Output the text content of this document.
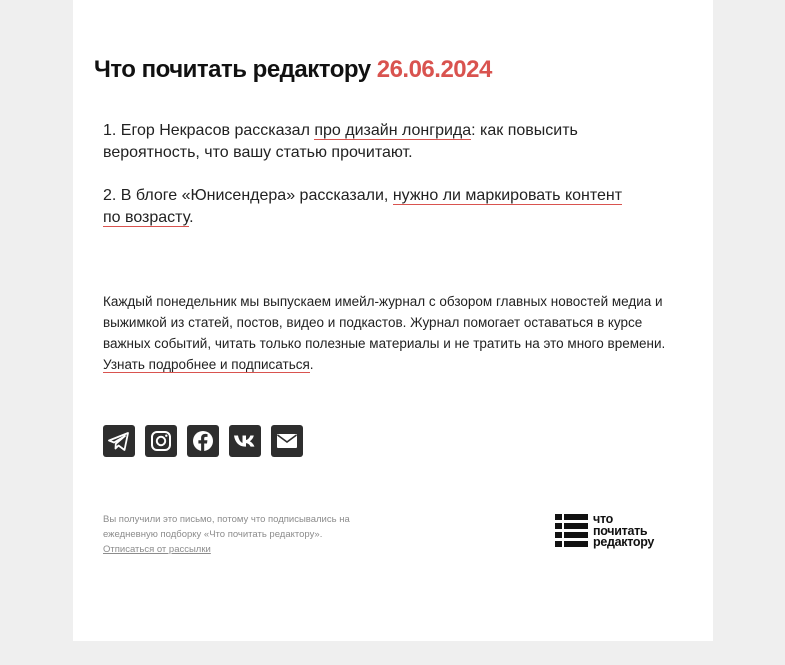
Что почитать редактору 26.06.2024
1. Егор Некрасов рассказал про дизайн лонгрида: как повысить вероятность, что вашу статью прочитают.
2. В блоге «Юнисендера» рассказали, нужно ли маркировать контент по возрасту.
Каждый понедельник мы выпускаем имейл-журнал с обзором главных новостей медиа и выжимкой из статей, постов, видео и подкастов. Журнал помогает оставаться в курсе важных событий, читать только полезные материалы и не тратить на это много времени. Узнать подробнее и подписаться.
Вы получили это письмо, потому что подписывались на ежедневную подборку «Что почитать редактору».
Отписаться от рассылки
что
почитать
редактору
